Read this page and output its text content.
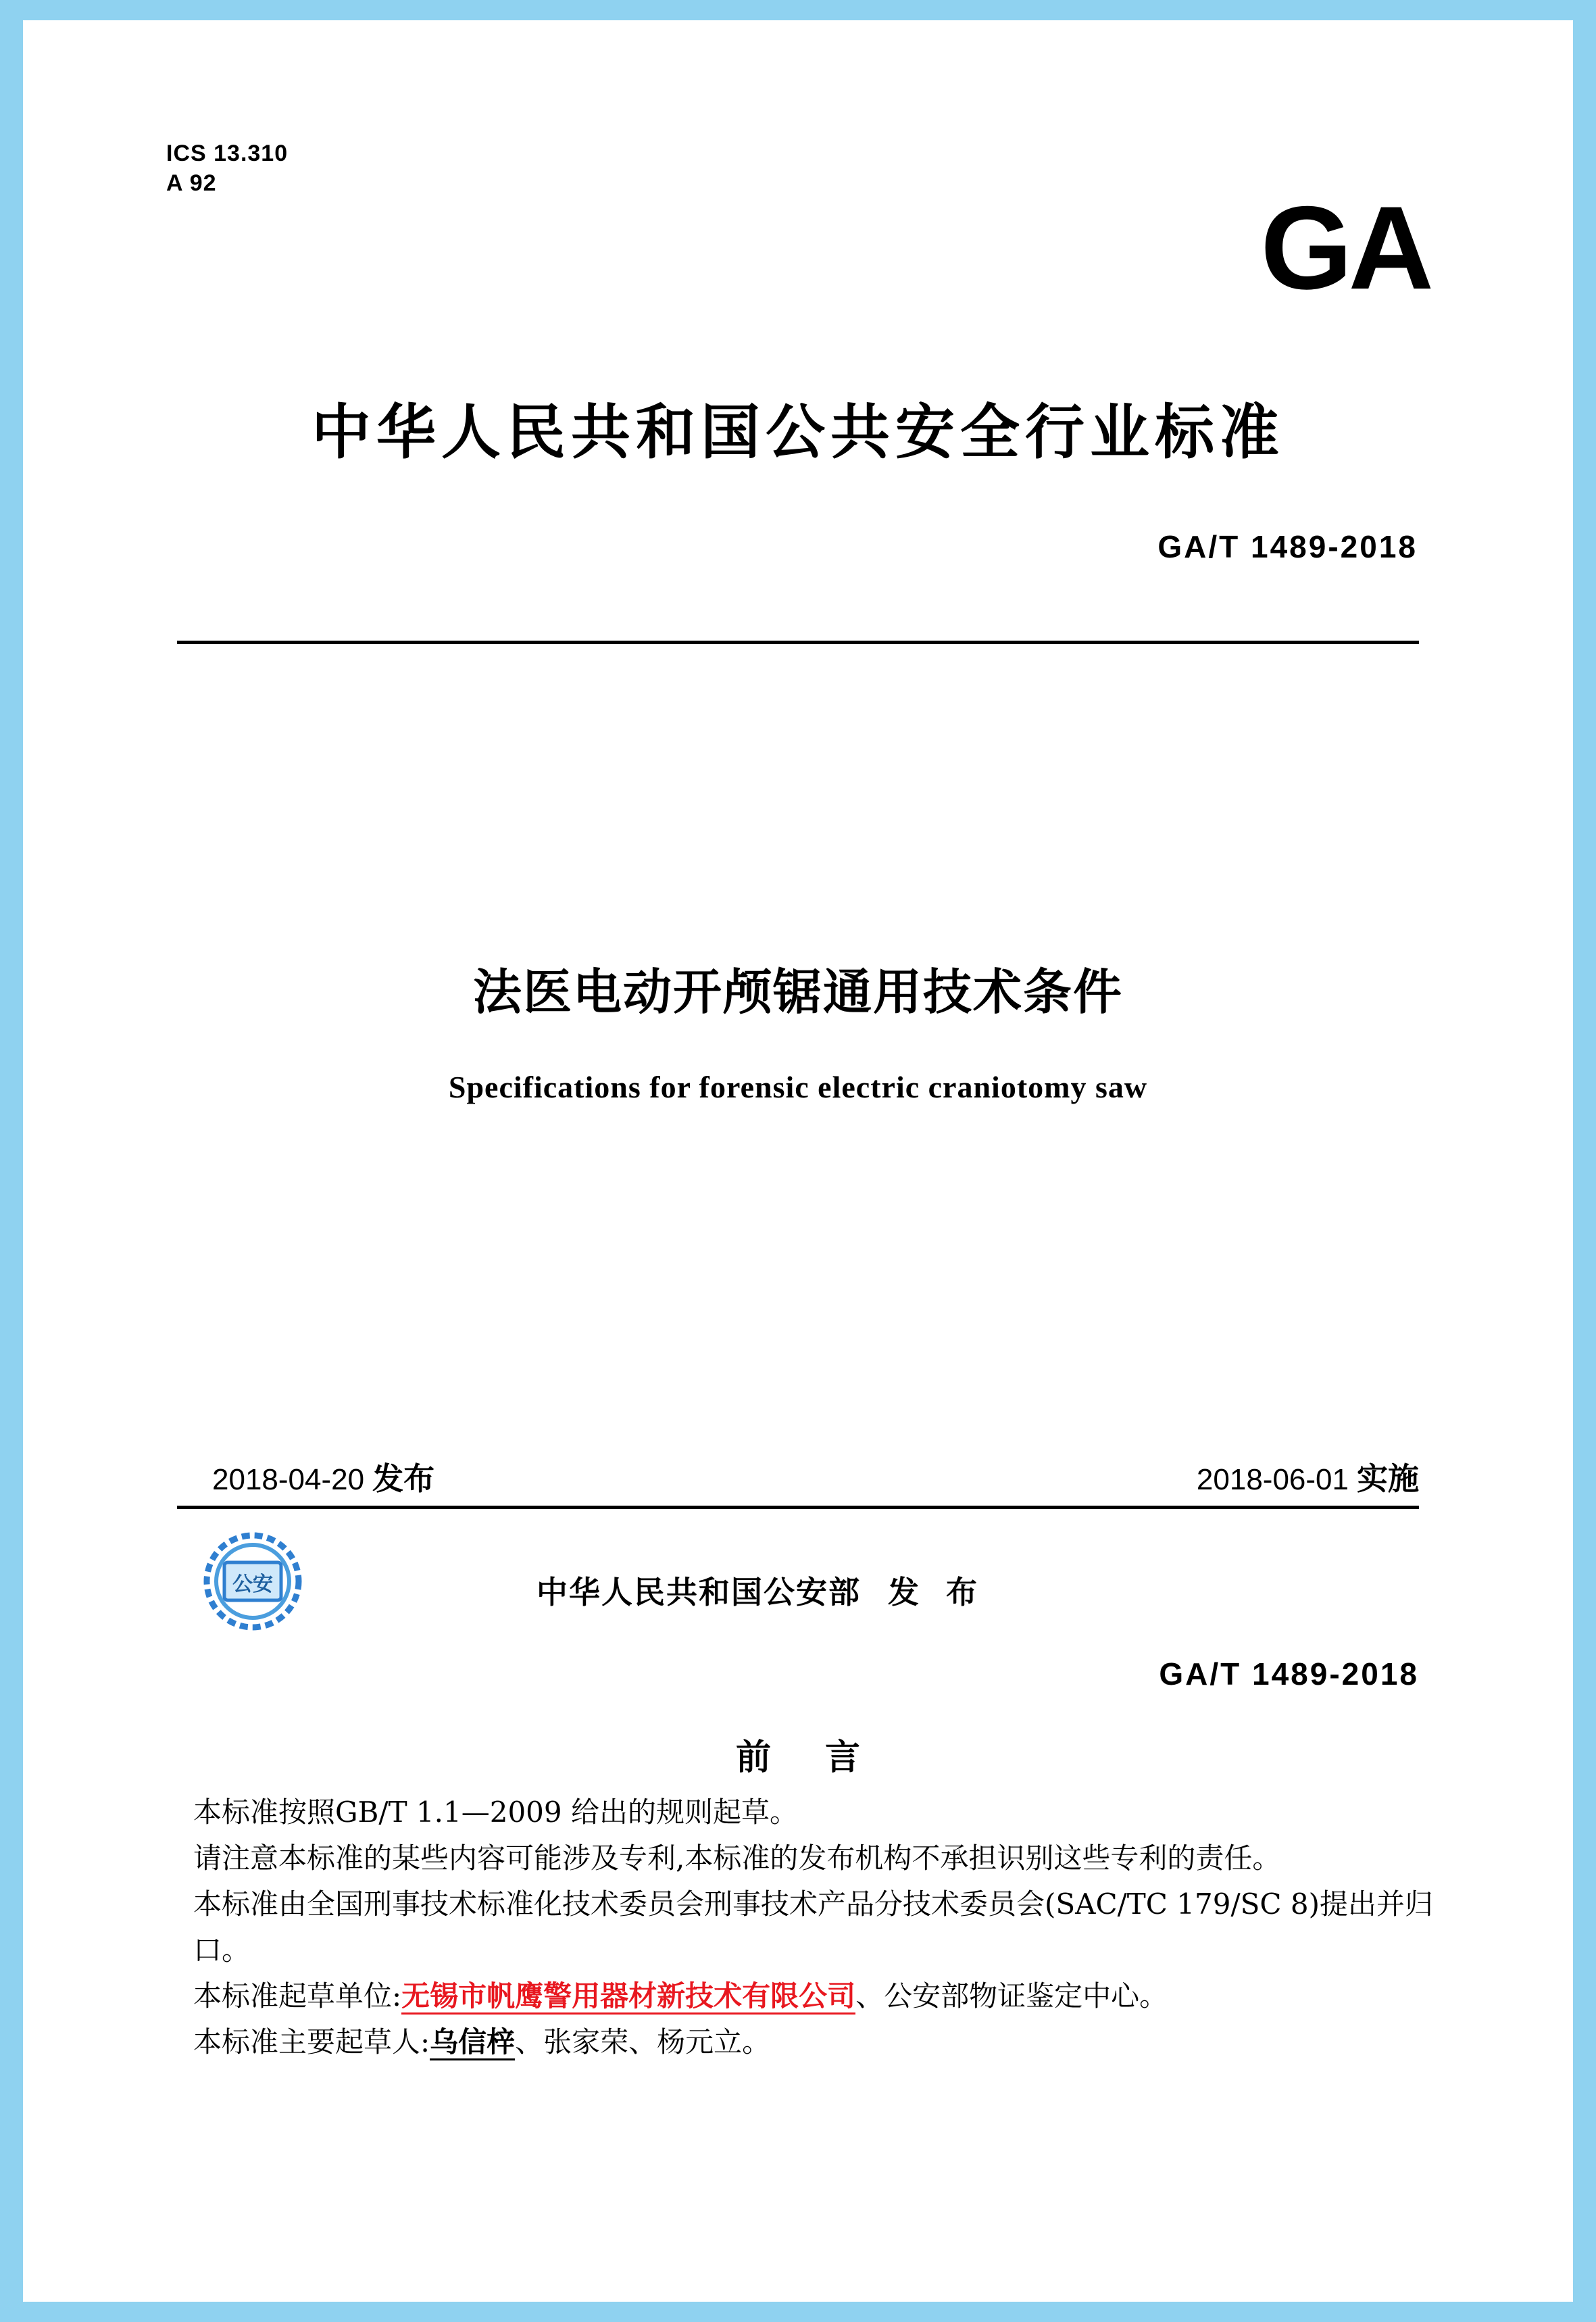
ICS 13.310
A 92	GA
中华人民共和国公共安全行业标准
GA/T 1489-2018
法医电动开颅锯通用技术条件
Specifications for forensic electric craniotomy saw
2018-04-20 发布	2018-06-01 实施
公安	中华人民共和国公安部 发 布
GA/T 1489-2018
前 言

本标准按照GB/T 1.1—2009 给出的规则起草。

请注意本标准的某些内容可能涉及专利,本标准的发布机构不承担识别这些专利的责任。

本标准由全国刑事技术标准化技术委员会刑事技术产品分技术委员会(SAC/TC 179/SC 8)提出并归口。

本标准起草单位:无锡市帆鹰警用器材新技术有限公司、公安部物证鉴定中心。

本标准主要起草人:乌信梓、张家荣、杨元立。
